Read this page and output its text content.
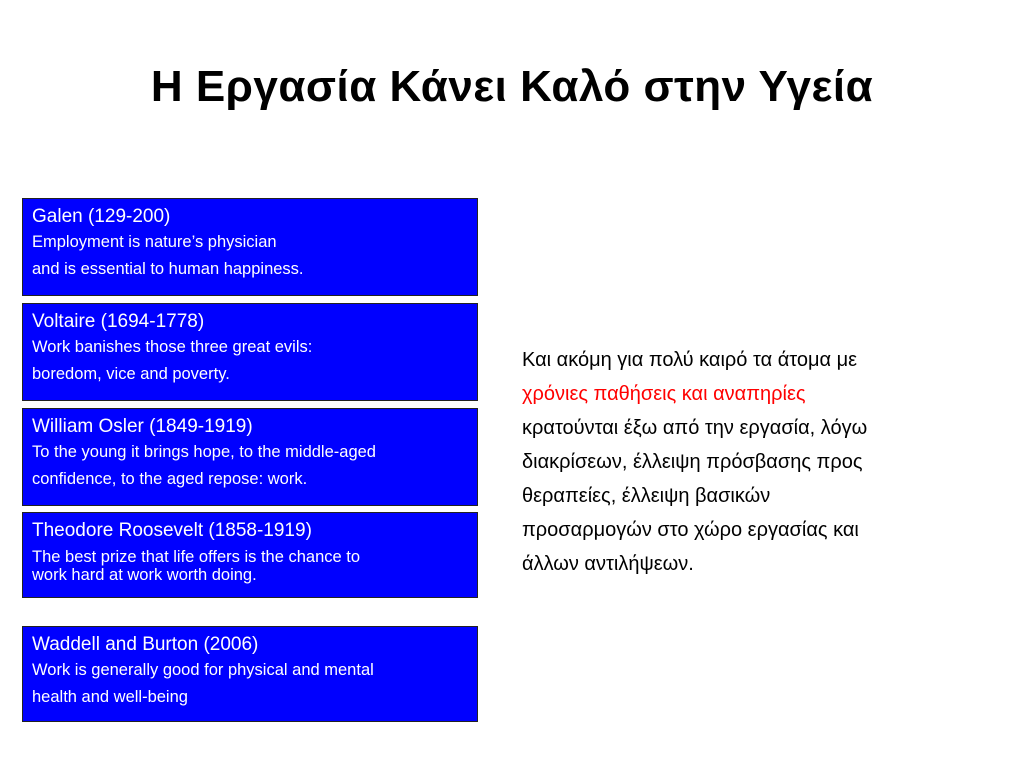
Η Εργασία Κάνει Καλό στην Υγεία
Galen (129-200)
Employment is nature’s physician
and is essential to human happiness.
Voltaire (1694-1778)
Work banishes those three great evils:
boredom, vice and poverty.
William Osler (1849-1919)
To the young it brings hope, to the middle-aged
confidence, to the aged repose: work.
Theodore Roosevelt (1858-1919)
The best prize that life offers is the chance to
work hard at work worth doing.
Waddell and Burton (2006)
Work is generally good for physical and mental
health and well-being
Και ακόμη για πολύ καιρό τα άτομα με
χρόνιες παθήσεις και αναπηρίες
κρατούνται έξω από την εργασία, λόγω
διακρίσεων, έλλειψη πρόσβασης προς
θεραπείες, έλλειψη βασικών
προσαρμογών στο χώρο εργασίας και
άλλων αντιλήψεων.
